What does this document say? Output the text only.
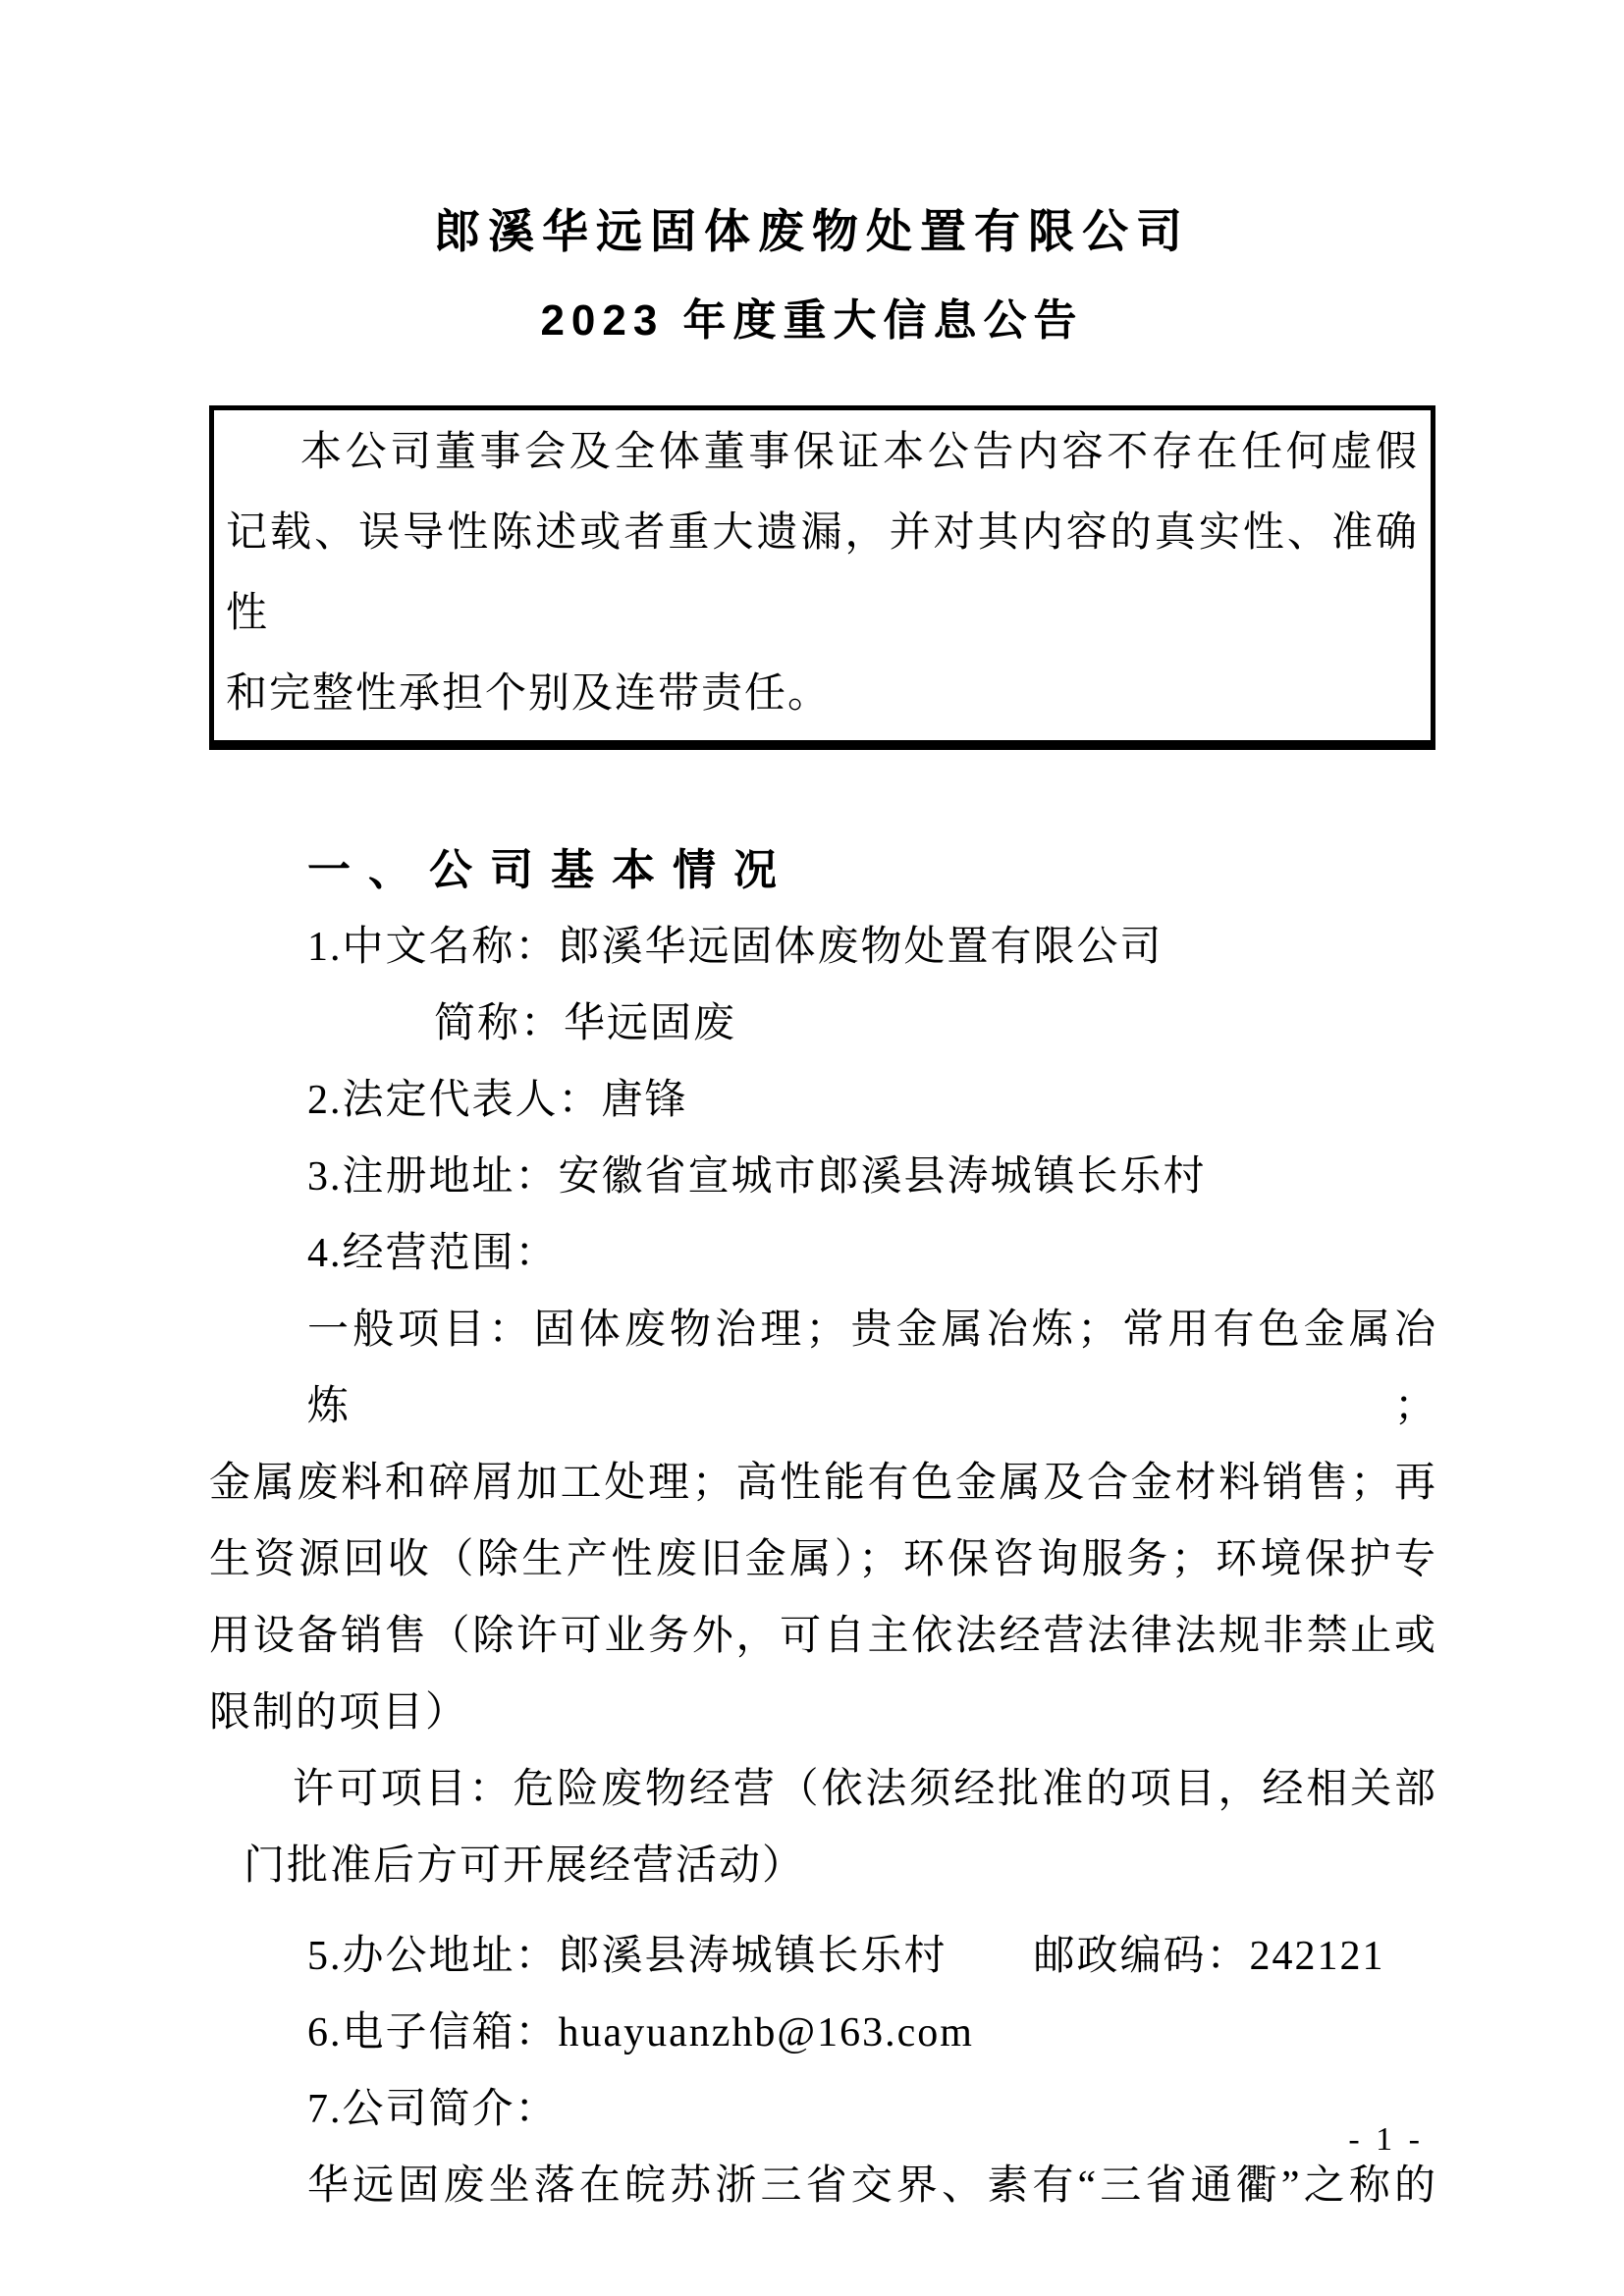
郎溪华远固体废物处置有限公司
2023 年度重大信息公告
本公司董事会及全体董事保证本公告内容不存在任何虚假
记载、误导性陈述或者重大遗漏，并对其内容的真实性、准确性
和完整性承担个别及连带责任。
一、公司基本情况
1.中文名称：郎溪华远固体废物处置有限公司
简称：华远固废
2.法定代表人：唐锋
3.注册地址：安徽省宣城市郎溪县涛城镇长乐村
4.经营范围：
一般项目：固体废物治理；贵金属冶炼；常用有色金属冶炼；
金属废料和碎屑加工处理；高性能有色金属及合金材料销售；再
生资源回收（除生产性废旧金属）；环保咨询服务；环境保护专
用设备销售（除许可业务外，可自主依法经营法律法规非禁止或
限制的项目）
许可项目：危险废物经营（依法须经批准的项目，经相关部
门批准后方可开展经营活动）
5.办公地址：郎溪县涛城镇长乐村　　邮政编码：242121
6.电子信箱：huayuanzhb@163.com
7.公司简介：
华远固废坐落在皖苏浙三省交界、素有“三省通衢”之称的
- 1 -
